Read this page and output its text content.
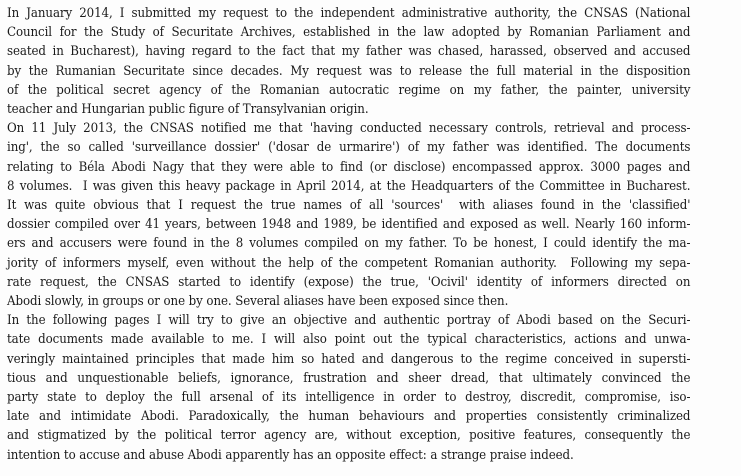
In January 2014, I submitted my request to the independent administrative authority, the CNSAS (National
Council for the Study of Securitate Archives, established in the law adopted by Romanian Parliament and
seated in Bucharest), having regard to the fact that my father was chased, harassed, observed and accused
by the Rumanian Securitate since decades. My request was to release the full material in the disposition
of the political secret agency of the Romanian autocratic regime on my father, the painter, university
teacher and Hungarian public figure of Transylvanian origin.
On 11 July 2013, the CNSAS notified me that 'having conducted necessary controls, retrieval and process-
ing', the so called 'surveillance dossier' ('dosar de urmarire') of my father was identified. The documents
relating to Béla Abodi Nagy that they were able to find (or disclose) encompassed approx. 3000 pages and
8 volumes.  I was given this heavy package in April 2014, at the Headquarters of the Committee in Bucharest.
It was quite obvious that I request the true names of all 'sources'  with aliases found in the 'classified'
dossier compiled over 41 years, between 1948 and 1989, be identified and exposed as well. Nearly 160 inform-
ers and accusers were found in the 8 volumes compiled on my father. To be honest, I could identify the ma-
jority of informers myself, even without the help of the competent Romanian authority.  Following my sepa-
rate request, the CNSAS started to identify (expose) the true, 'Ocivil' identity of informers directed on
Abodi slowly, in groups or one by one. Several aliases have been exposed since then.
In the following pages I will try to give an objective and authentic portray of Abodi based on the Securi-
tate documents made available to me. I will also point out the typical characteristics, actions and unwa-
veringly maintained principles that made him so hated and dangerous to the regime conceived in supersti-
tious and unquestionable beliefs, ignorance, frustration and sheer dread, that ultimately convinced the
party state to deploy the full arsenal of its intelligence in order to destroy, discredit, compromise, iso-
late and intimidate Abodi. Paradoxically, the human behaviours and properties consistently criminalized
and stigmatized by the political terror agency are, without exception, positive features, consequently the
intention to accuse and abuse Abodi apparently has an opposite effect: a strange praise indeed.
